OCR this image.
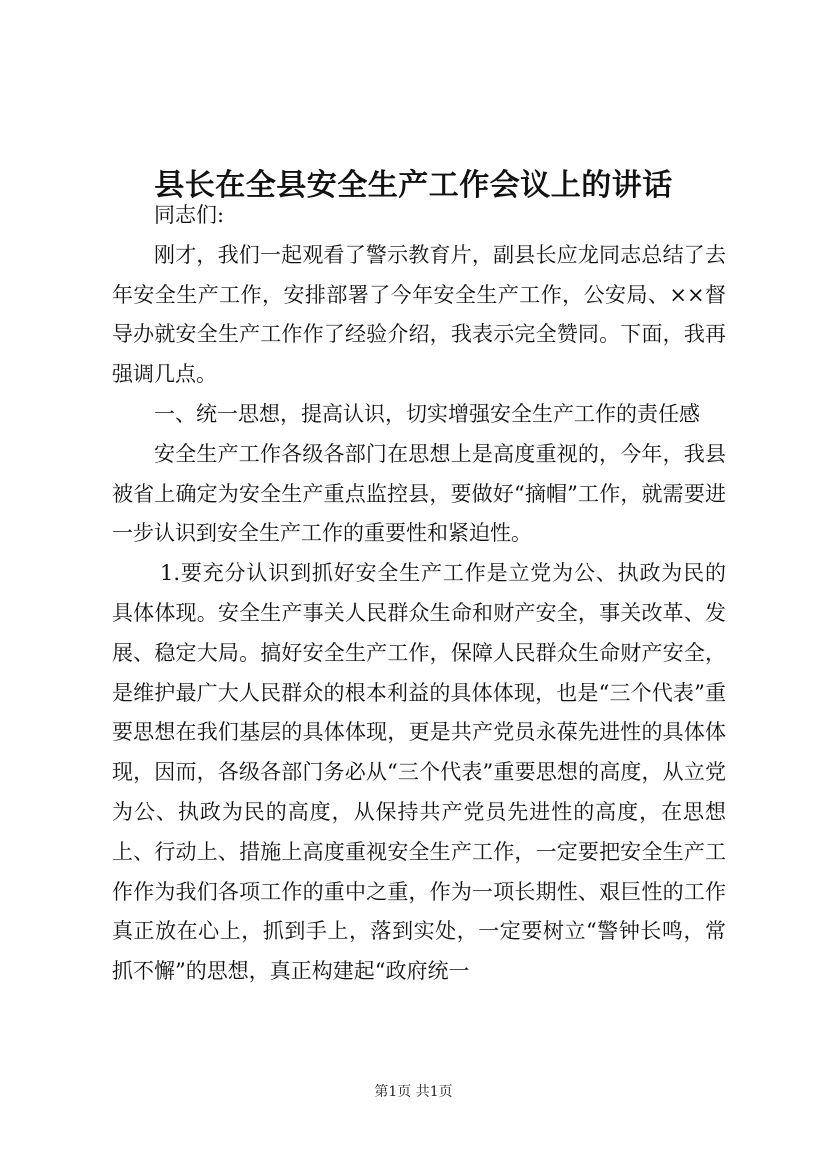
县长在全县安全生产工作会议上的讲话

同志们:

刚才，我们一起观看了警示教育片，副县长应龙同志总结了去年安全生产工作，安排部署了今年安全生产工作，公安局、××督导办就安全生产工作作了经验介绍，我表示完全赞同。下面，我再强调几点。

一、统一思想，提高认识，切实增强安全生产工作的责任感

安全生产工作各级各部门在思想上是高度重视的，今年，我县被省上确定为安全生产重点监控县，要做好“摘帽”工作，就需要进一步认识到安全生产工作的重要性和紧迫性。

1.要充分认识到抓好安全生产工作是立党为公、执政为民的具体体现。安全生产事关人民群众生命和财产安全，事关改革、发展、稳定大局。搞好安全生产工作，保障人民群众生命财产安全，是维护最广大人民群众的根本利益的具体体现，也是“三个代表”重要思想在我们基层的具体体现，更是共产党员永葆先进性的具体体现，因而，各级各部门务必从“三个代表”重要思想的高度，从立党为公、执政为民的高度，从保持共产党员先进性的高度，在思想上、行动上、措施上高度重视安全生产工作，一定要把安全生产工作作为我们各项工作的重中之重，作为一项长期性、艰巨性的工作真正放在心上，抓到手上，落到实处，一定要树立“警钟长鸣，常抓不懈”的思想，真正构建起“政府统一

第1页 共1页
